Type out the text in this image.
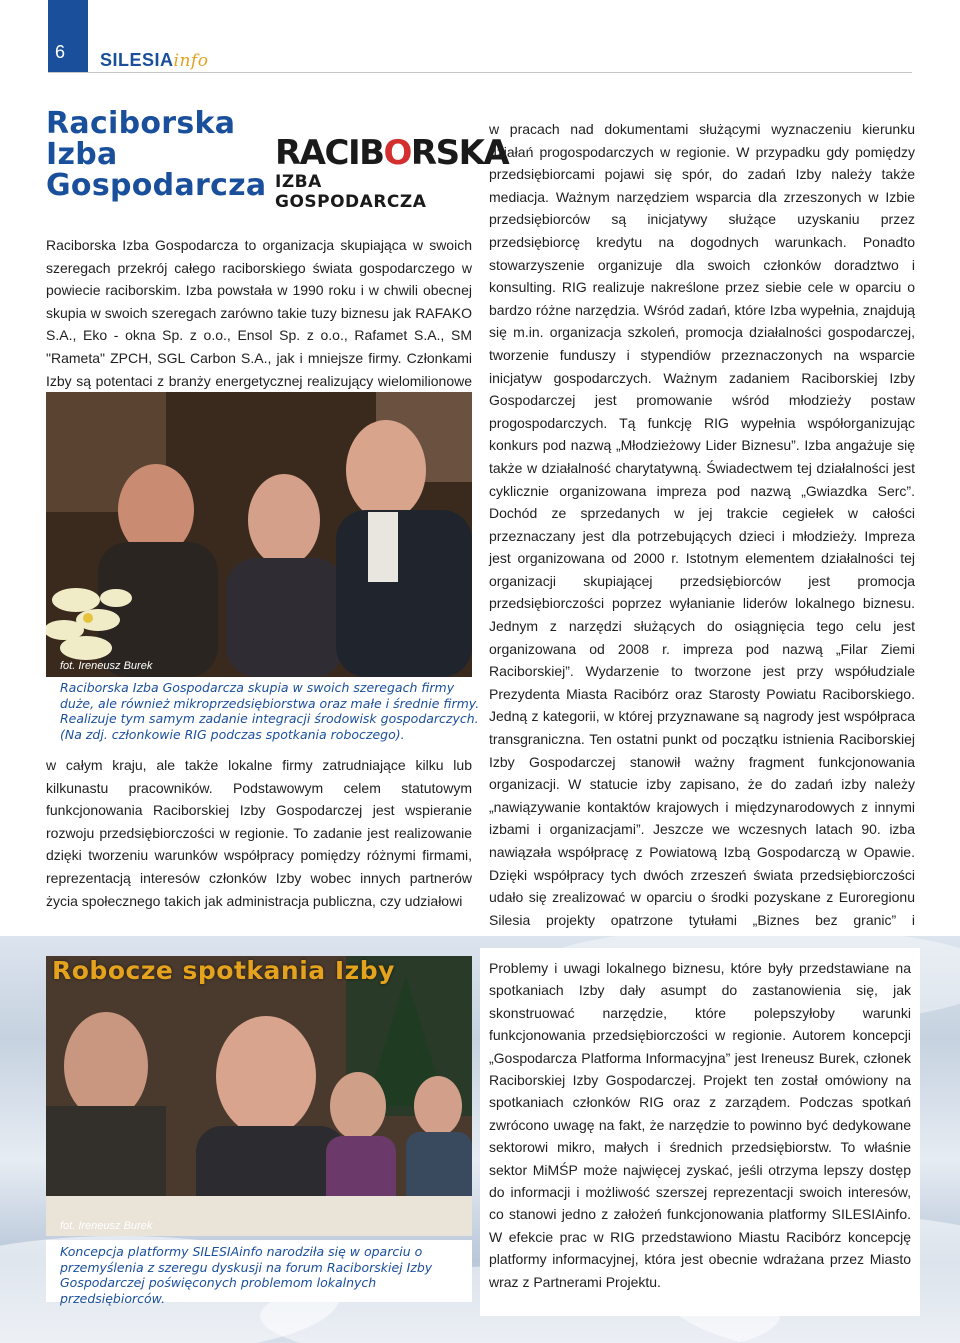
6 SILESIAinfo
Raciborska
Izba
Gospodarcza
RACIBORSKA
IZBA GOSPODARCZA
Raciborska Izba Gospodarcza to organizacja skupiająca w swoich szeregach przekrój całego raciborskiego świata gospodarczego w powiecie raciborskim. Izba powstała w 1990 roku i w chwili obecnej skupia w swoich szeregach zarówno takie tuzy biznesu jak RAFAKO S.A., Eko - okna Sp. z o.o., Ensol Sp. z o.o., Rafamet S.A., SM "Rameta" ZPCH, SGL Carbon S.A., jak i mniejsze firmy. Członkami Izby są potentaci z branży energetycznej realizujący wielomilionowe
fot. Ireneusz Burek
Raciborska Izba Gospodarcza skupia w swoich szeregach firmy duże, ale również mikroprzedsiębiorstwa oraz małe i średnie firmy. Realizuje tym samym zadanie integracji środowisk gospodarczych. (Na zdj. członkowie RIG podczas spotkania roboczego).
w całym kraju, ale także lokalne firmy zatrudniające kilku lub kilkunastu pracowników. Podstawowym celem statutowym funkcjonowania Raciborskiej Izby Gospodarczej jest wspieranie rozwoju przedsiębiorczości w regionie. To zadanie jest realizowanie dzięki tworzeniu warunków współpracy pomiędzy różnymi firmami, reprezentacją interesów członków Izby wobec innych partnerów życia społecznego takich jak administracja publiczna, czy udziałowi
w pracach nad dokumentami służącymi wyznaczeniu kierunku działań progospodarczych w regionie. W przypadku gdy pomiędzy przedsiębiorcami pojawi się spór, do zadań Izby należy także mediacja. Ważnym narzędziem wsparcia dla zrzeszonych w Izbie przedsiębiorców są inicjatywy służące uzyskaniu przez przedsiębiorcę kredytu na dogodnych warunkach. Ponadto stowarzyszenie organizuje dla swoich członków doradztwo i konsulting. RIG realizuje nakreślone przez siebie cele w oparciu o bardzo różne narzędzia. Wśród zadań, które Izba wypełnia, znajdują się m.in. organizacja szkoleń, promocja działalności gospodarczej, tworzenie funduszy i stypendiów przeznaczonych na wsparcie inicjatyw gospodarczych. Ważnym zadaniem Raciborskiej Izby Gospodarczej jest promowanie wśród młodzieży postaw progospodarczych. Tą funkcję RIG wypełnia współorganizując konkurs pod nazwą „Młodzieżowy Lider Biznesu”. Izba angażuje się także w działalność charytatywną. Świadectwem tej działalności jest cyklicznie organizowana impreza pod nazwą „Gwiazdka Serc”. Dochód ze sprzedanych w jej trakcie cegiełek w całości przeznaczany jest dla potrzebujących dzieci i młodzieży. Impreza jest organizowana od 2000 r. Istotnym elementem działalności tej organizacji skupiającej przedsiębiorców jest promocja przedsiębiorczości poprzez wyłanianie liderów lokalnego biznesu. Jednym z narzędzi służących do osiągnięcia tego celu jest organizowana od 2008 r. impreza pod nazwą „Filar Ziemi Raciborskiej”. Wydarzenie to tworzone jest przy współudziale Prezydenta Miasta Racibórz oraz Starosty Powiatu Raciborskiego. Jedną z kategorii, w której przyznawane są nagrody jest współpraca transgraniczna. Ten ostatni punkt od początku istnienia Raciborskiej Izby Gospodarczej stanowił ważny fragment funkcjonowania organizacji. W statucie izby zapisano, że do zadań izby należy „nawiązywanie kontaktów krajowych i międzynarodowych z innymi izbami i organizacjami”. Jeszcze we wczesnych latach 90. izba nawiązała współpracę z Powiatową Izbą Gospodarczą w Opawie. Dzięki współpracy tych dwóch zrzeszeń świata przedsiębiorczości udało się zrealizować w oparciu o środki pozyskane z Euroregionu Silesia projekty opatrzone tytułami „Biznes bez granic” i
Robocze spotkania Izby
fot. Ireneusz Burek
Koncepcja platformy SILESIAinfo narodziła się w oparciu o przemyślenia z szeregu dyskusji na forum Raciborskiej Izby Gospodarczej poświęconych problemom lokalnych przedsiębiorców.
Problemy i uwagi lokalnego biznesu, które były przedstawiane na spotkaniach Izby dały asumpt do zastanowienia się, jak skonstruować narzędzie, które polepszyłoby warunki funkcjonowania przedsiębiorczości w regionie. Autorem koncepcji „Gospodarcza Platforma Informacyjna” jest Ireneusz Burek, członek Raciborskiej Izby Gospodarczej. Projekt ten został omówiony na spotkaniach członków RIG oraz z zarządem. Podczas spotkań zwrócono uwagę na fakt, że narzędzie to powinno być dedykowane sektorowi mikro, małych i średnich przedsiębiorstw. To właśnie sektor MiMŚP może najwięcej zyskać, jeśli otrzyma lepszy dostęp do informacji i możliwość szerszej reprezentacji swoich interesów, co stanowi jedno z założeń funkcjonowania platformy SILESIAinfo. W efekcie prac w RIG przedstawiono Miastu Racibórz koncepcję platformy informacyjnej, która jest obecnie wdrażana przez Miasto wraz z Partnerami Projektu.
